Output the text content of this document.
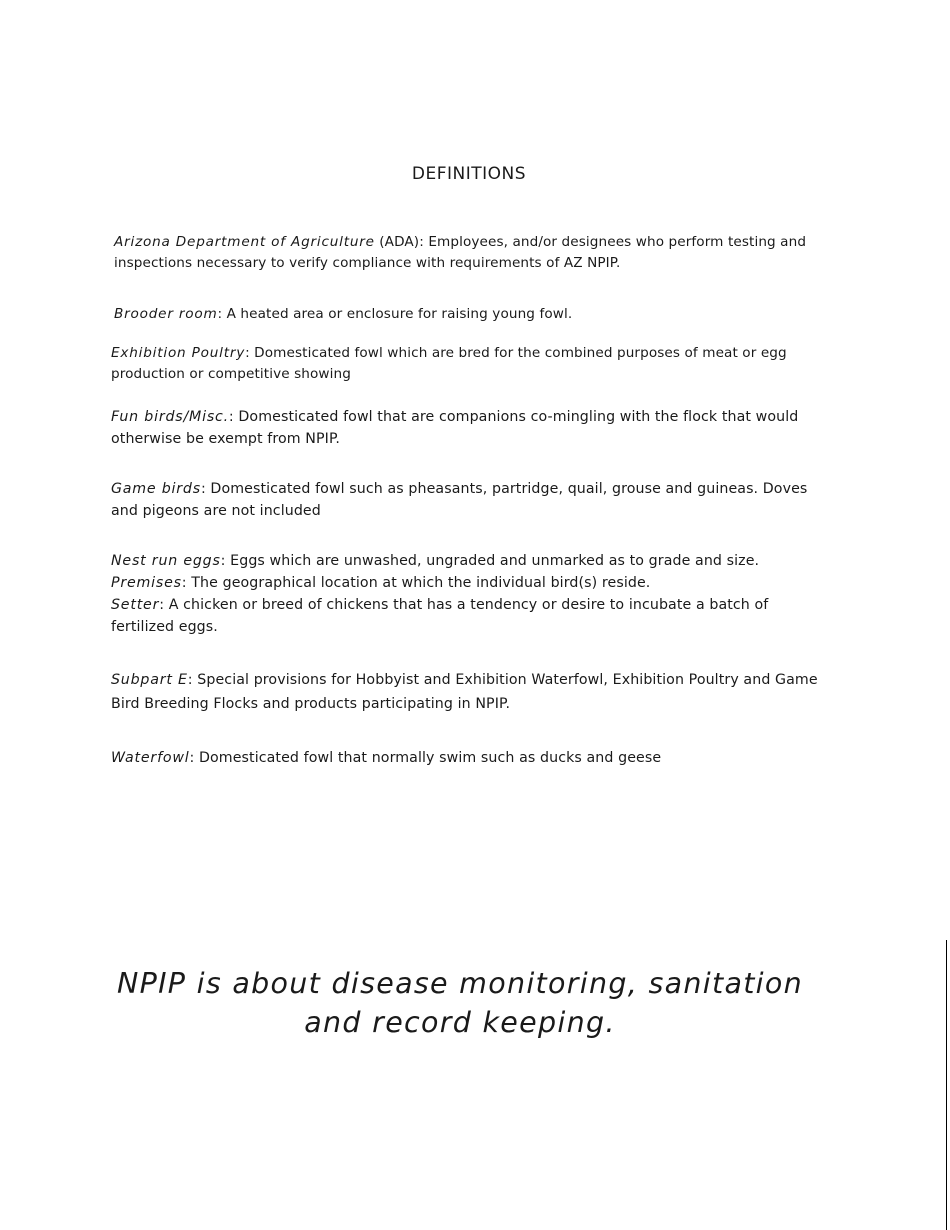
DEFINITIONS

Arizona Department of Agriculture (ADA): Employees, and/or designees who perform testing and inspections necessary to verify compliance with requirements of AZ NPIP.

Brooder room: A heated area or enclosure for raising young fowl.

Exhibition Poultry: Domesticated fowl which are bred for the combined purposes of meat or egg production or competitive showing

Fun birds/Misc.: Domesticated fowl that are companions co-mingling with the flock that would otherwise be exempt from NPIP.

Game birds: Domesticated fowl such as pheasants, partridge, quail, grouse and guineas. Doves and pigeons are not included

Nest run eggs: Eggs which are unwashed, ungraded and unmarked as to grade and size.

Premises: The geographical location at which the individual bird(s) reside.

Setter: A chicken or breed of chickens that has a tendency or desire to incubate a batch of fertilized eggs.

Subpart E: Special provisions for Hobbyist and Exhibition Waterfowl, Exhibition Poultry and Game Bird Breeding Flocks and products participating in NPIP.

Waterfowl: Domesticated fowl that normally swim such as ducks and geese

NPIP is about disease monitoring, sanitation and record keeping.
